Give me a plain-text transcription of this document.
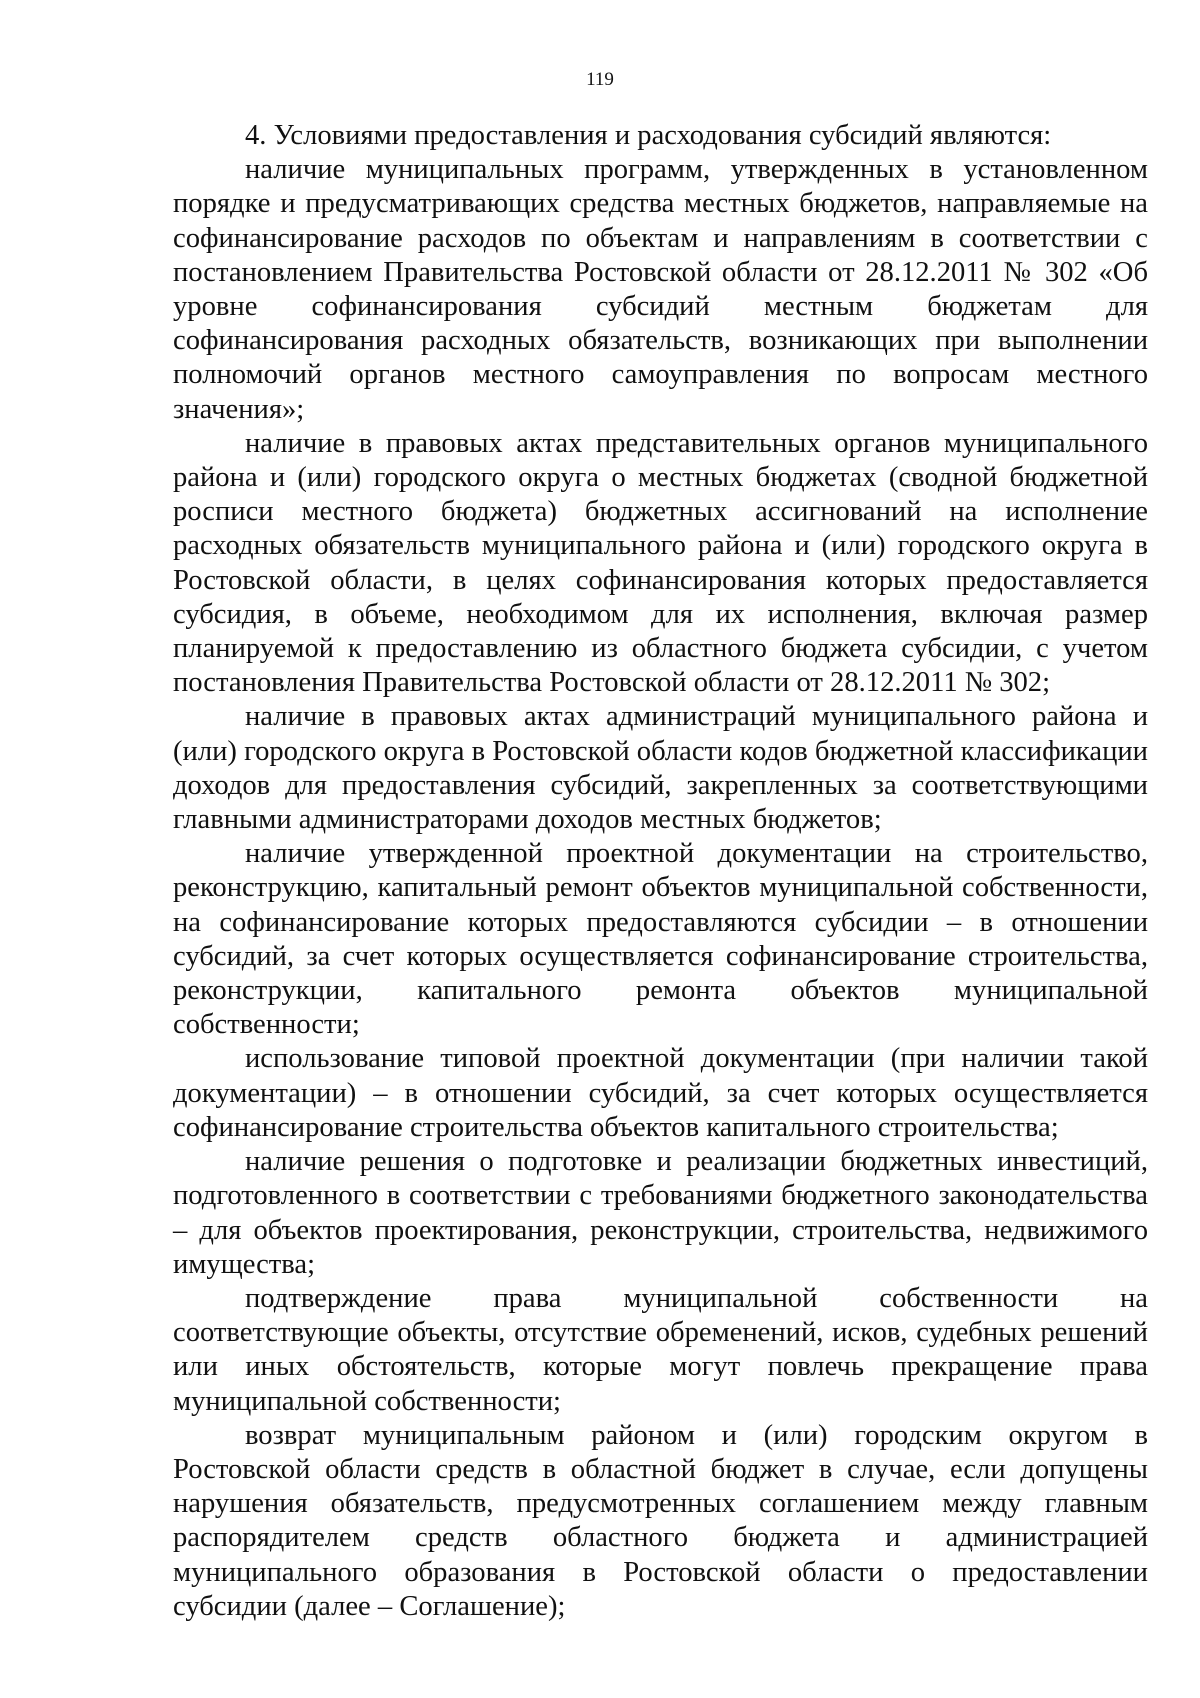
119

4. Условиями предоставления и расходования субсидий являются:

наличие муниципальных программ, утвержденных в установленном порядке и предусматривающих средства местных бюджетов, направляемые на софинансирование расходов по объектам и направлениям в соответствии с постановлением Правительства Ростовской области от 28.12.2011 № 302 «Об уровне софинансирования субсидий местным бюджетам для софинансирования расходных обязательств, возникающих при выполнении полномочий органов местного самоуправления по вопросам местного значения»;

наличие в правовых актах представительных органов муниципального района и (или) городского округа о местных бюджетах (сводной бюджетной росписи местного бюджета) бюджетных ассигнований на исполнение расходных обязательств муниципального района и (или) городского округа в Ростовской области, в целях софинансирования которых предоставляется субсидия, в объеме, необходимом для их исполнения, включая размер планируемой к предоставлению из областного бюджета субсидии, с учетом постановления Правительства Ростовской области от 28.12.2011 № 302;

наличие в правовых актах администраций муниципального района и (или) городского округа в Ростовской области кодов бюджетной классификации доходов для предоставления субсидий, закрепленных за соответствующими главными администраторами доходов местных бюджетов;

наличие утвержденной проектной документации на строительство, реконструкцию, капитальный ремонт объектов муниципальной собственности, на софинансирование которых предоставляются субсидии – в отношении субсидий, за счет которых осуществляется софинансирование строительства, реконструкции, капитального ремонта объектов муниципальной собственности;

использование типовой проектной документации (при наличии такой документации) – в отношении субсидий, за счет которых осуществляется софинансирование строительства объектов капитального строительства;

наличие решения о подготовке и реализации бюджетных инвестиций, подготовленного в соответствии с требованиями бюджетного законодательства – для объектов проектирования, реконструкции, строительства, недвижимого имущества;

подтверждение права муниципальной собственности на соответствующие объекты, отсутствие обременений, исков, судебных решений или иных обстоятельств, которые могут повлечь прекращение права муниципальной собственности;

возврат муниципальным районом и (или) городским округом в Ростовской области средств в областной бюджет в случае, если допущены нарушения обязательств, предусмотренных соглашением между главным распорядителем средств областного бюджета и администрацией муниципального образования в Ростовской области о предоставлении субсидии (далее – Соглашение);
